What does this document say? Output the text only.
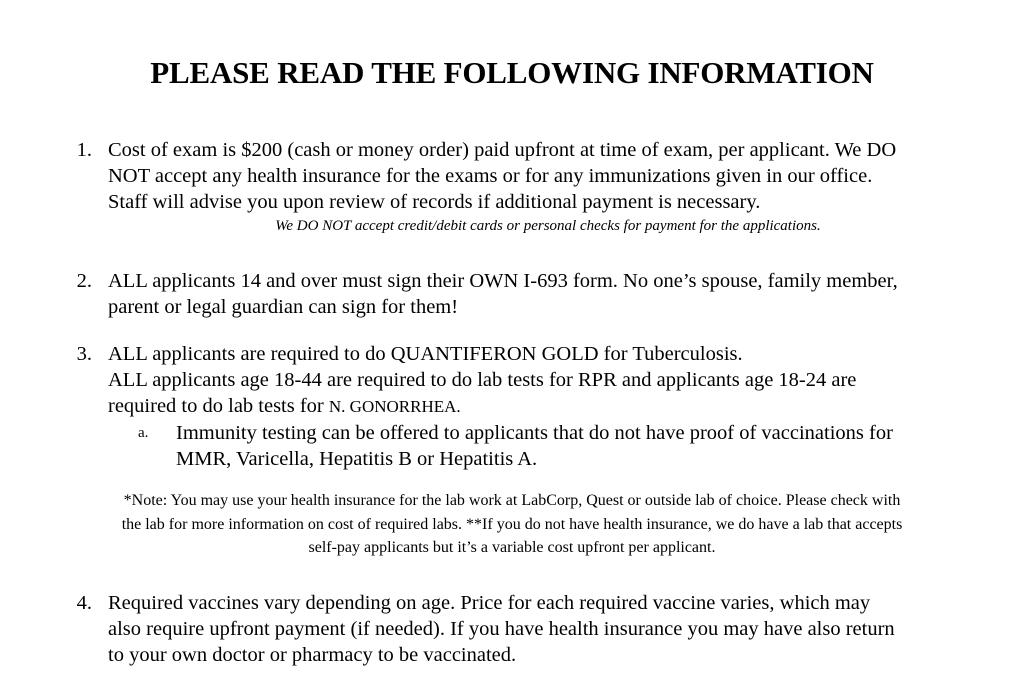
PLEASE READ THE FOLLOWING INFORMATION
1. Cost of exam is $200 (cash or money order) paid upfront at time of exam, per applicant. We DO
NOT accept any health insurance for the exams or for any immunizations given in our office.
Staff will advise you upon review of records if additional payment is necessary.
We DO NOT accept credit/debit cards or personal checks for payment for the applications.
2. ALL applicants 14 and over must sign their OWN I-693 form. No one’s spouse, family member,
parent or legal guardian can sign for them!
3. ALL applicants are required to do QUANTIFERON GOLD for Tuberculosis.
ALL applicants age 18-44 are required to do lab tests for RPR and applicants age 18-24 are
required to do lab tests for N. GONORRHEA.
a. Immunity testing can be offered to applicants that do not have proof of vaccinations for
MMR, Varicella, Hepatitis B or Hepatitis A.
*Note: You may use your health insurance for the lab work at LabCorp, Quest or outside lab of choice. Please check with
the lab for more information on cost of required labs. **If you do not have health insurance, we do have a lab that accepts
self-pay applicants but it’s a variable cost upfront per applicant.
4. Required vaccines vary depending on age. Price for each required vaccine varies, which may
also require upfront payment (if needed). If you have health insurance you may have also return
to your own doctor or pharmacy to be vaccinated.
